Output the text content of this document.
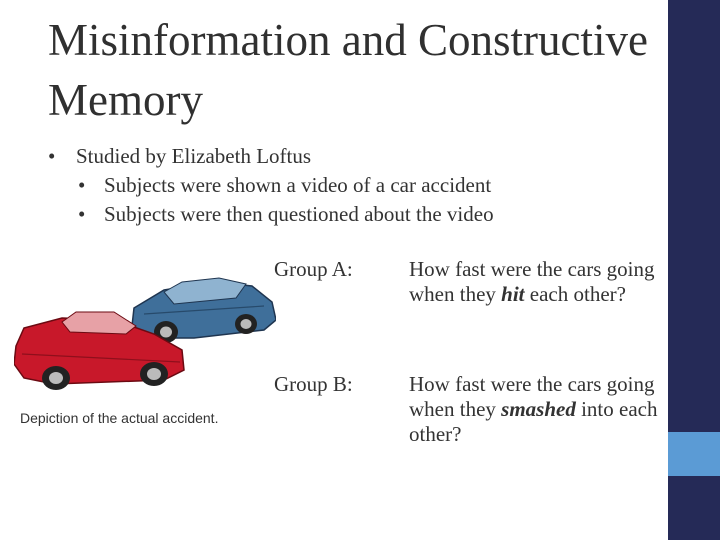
Misinformation and Constructive Memory
• Studied by Elizabeth Loftus
• Subjects were shown a video of a car accident
• Subjects were then questioned about the video
Depiction of the actual accident.
Group A:	How fast were the cars going when they hit each other?
Group B:	How fast were the cars going when they smashed into each other?
